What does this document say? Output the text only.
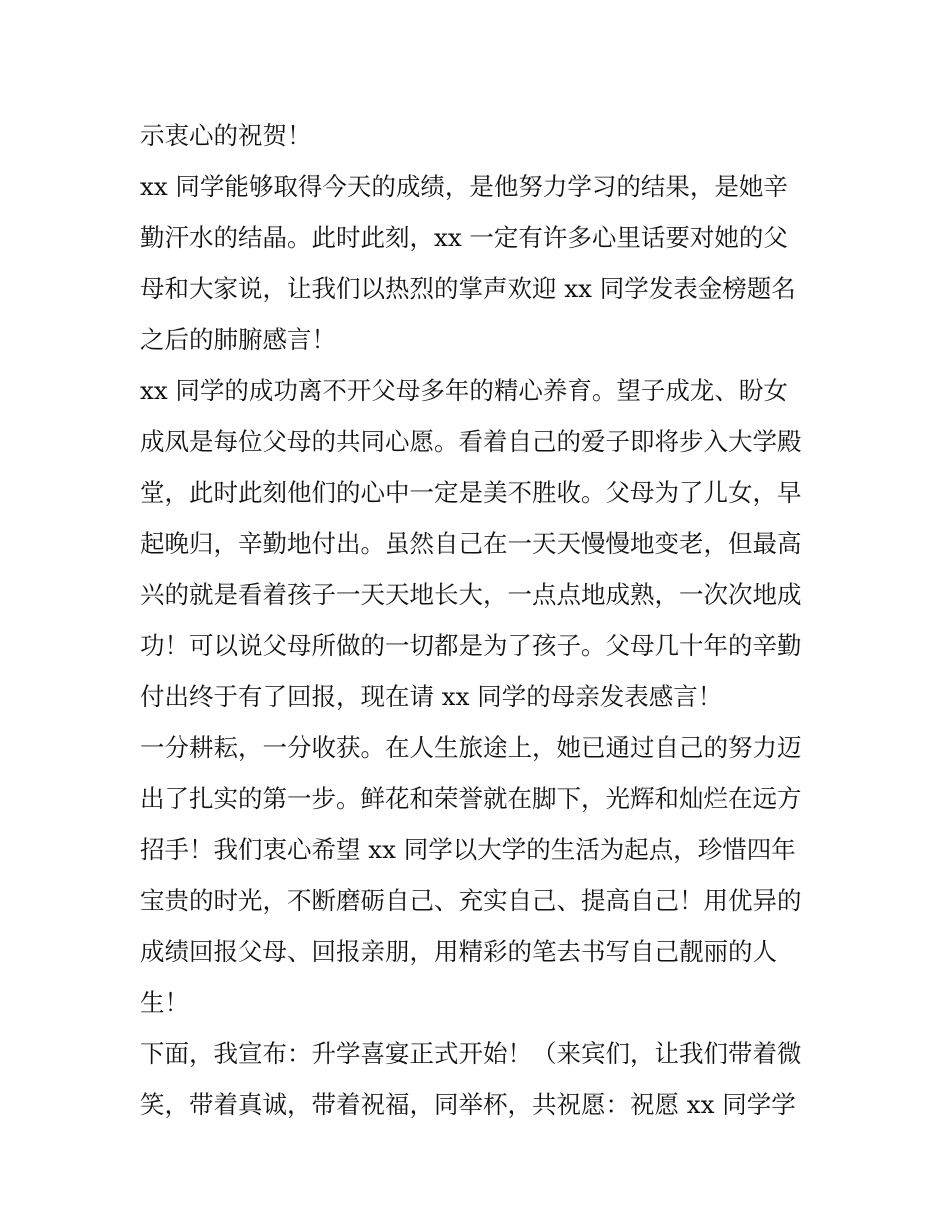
示衷心的祝贺！
xx 同学能够取得今天的成绩，是他努力学习的结果，是她辛
勤汗水的结晶。此时此刻，xx 一定有许多心里话要对她的父
母和大家说，让我们以热烈的掌声欢迎 xx 同学发表金榜题名
之后的肺腑感言！
xx 同学的成功离不开父母多年的精心养育。望子成龙、盼女
成凤是每位父母的共同心愿。看着自己的爱子即将步入大学殿
堂，此时此刻他们的心中一定是美不胜收。父母为了儿女，早
起晚归，辛勤地付出。虽然自己在一天天慢慢地变老，但最高
兴的就是看着孩子一天天地长大，一点点地成熟，一次次地成
功！可以说父母所做的一切都是为了孩子。父母几十年的辛勤
付出终于有了回报，现在请 xx 同学的母亲发表感言！
一分耕耘，一分收获。在人生旅途上，她已通过自己的努力迈
出了扎实的第一步。鲜花和荣誉就在脚下，光辉和灿烂在远方
招手！我们衷心希望 xx 同学以大学的生活为起点，珍惜四年
宝贵的时光，不断磨砺自己、充实自己、提高自己！用优异的
成绩回报父母、回报亲朋，用精彩的笔去书写自己靓丽的人
生！
下面，我宣布：升学喜宴正式开始！（来宾们，让我们带着微
笑，带着真诚，带着祝福，同举杯，共祝愿：祝愿 xx 同学学
